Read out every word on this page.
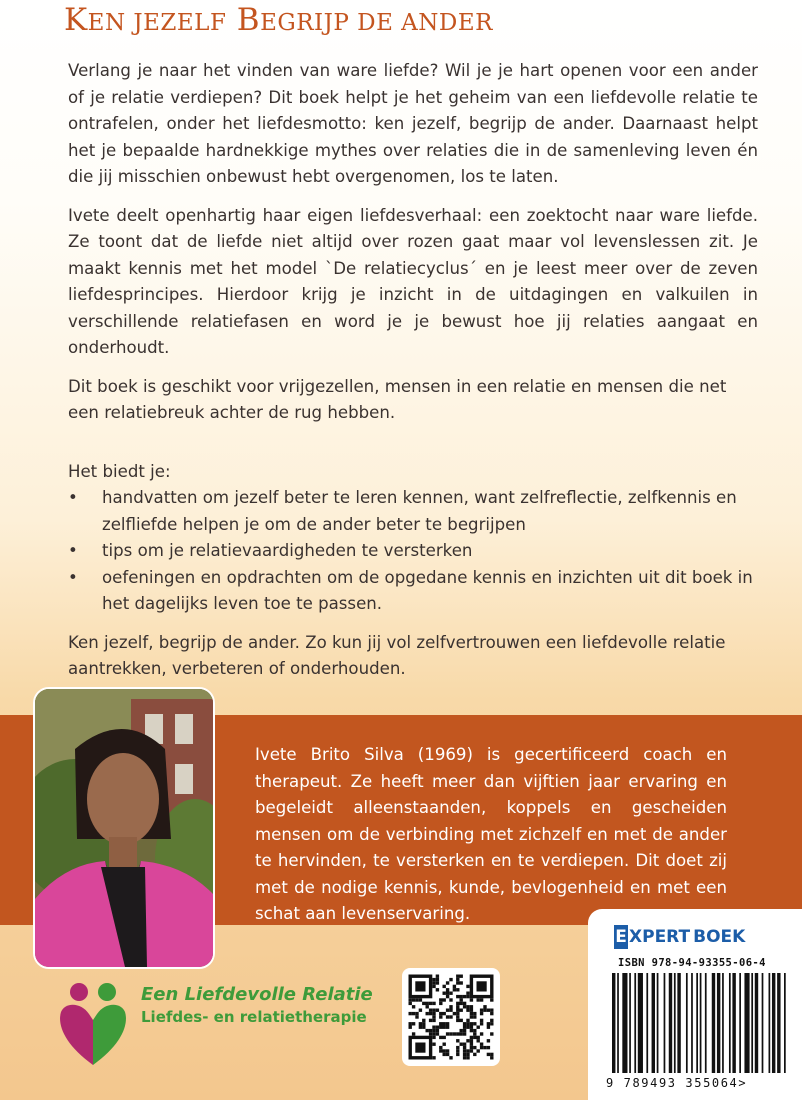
KEN JEZELF BEGRIJP DE ANDER

Verlang je naar het vinden van ware liefde? Wil je je hart openen voor een ander of je relatie verdiepen? Dit boek helpt je het geheim van een liefdevolle relatie te ontrafelen, onder het liefdesmotto: ken jezelf, begrijp de ander. Daarnaast helpt het je bepaalde hardnekkige mythes over relaties die in de samenleving leven én die jij misschien onbewust hebt overgenomen, los te laten.

Ivete deelt openhartig haar eigen liefdesverhaal: een zoektocht naar ware liefde. Ze toont dat de liefde niet altijd over rozen gaat maar vol levenslessen zit. Je maakt kennis met het model `De relatiecyclus´ en je leest meer over de zeven liefdesprincipes. Hierdoor krijg je inzicht in de uitdagingen en valkuilen in verschillende relatiefasen en word je je bewust hoe jij relaties aangaat en onderhoudt.

Dit boek is geschikt voor vrijgezellen, mensen in een relatie en mensen die net een relatiebreuk achter de rug hebben.

Het biedt je:

• handvatten om jezelf beter te leren kennen, want zelfreflectie, zelfkennis en zelfliefde helpen je om de ander beter te begrijpen
• tips om je relatievaardigheden te versterken
• oefeningen en opdrachten om de opgedane kennis en inzichten uit dit boek in het dagelijks leven toe te passen.

Ken jezelf, begrijp de ander. Zo kun jij vol zelfvertrouwen een liefdevolle relatie aantrekken, verbeteren of onderhouden.

Ivete Brito Silva (1969) is gecertificeerd coach en therapeut. Ze heeft meer dan vijftien jaar ervaring en begeleidt alleenstaanden, koppels en gescheiden mensen om de verbinding met zichzelf en met de ander te hervinden, te versterken en te verdiepen. Dit doet zij met de nodige kennis, kunde, bevlogenheid en met een schat aan levenservaring.
Een Liefdevolle Relatie
Liefdes- en relatietherapie
E XPERT BOEK
ISBN 978-94-93355-06-4
9 789493 355064>
